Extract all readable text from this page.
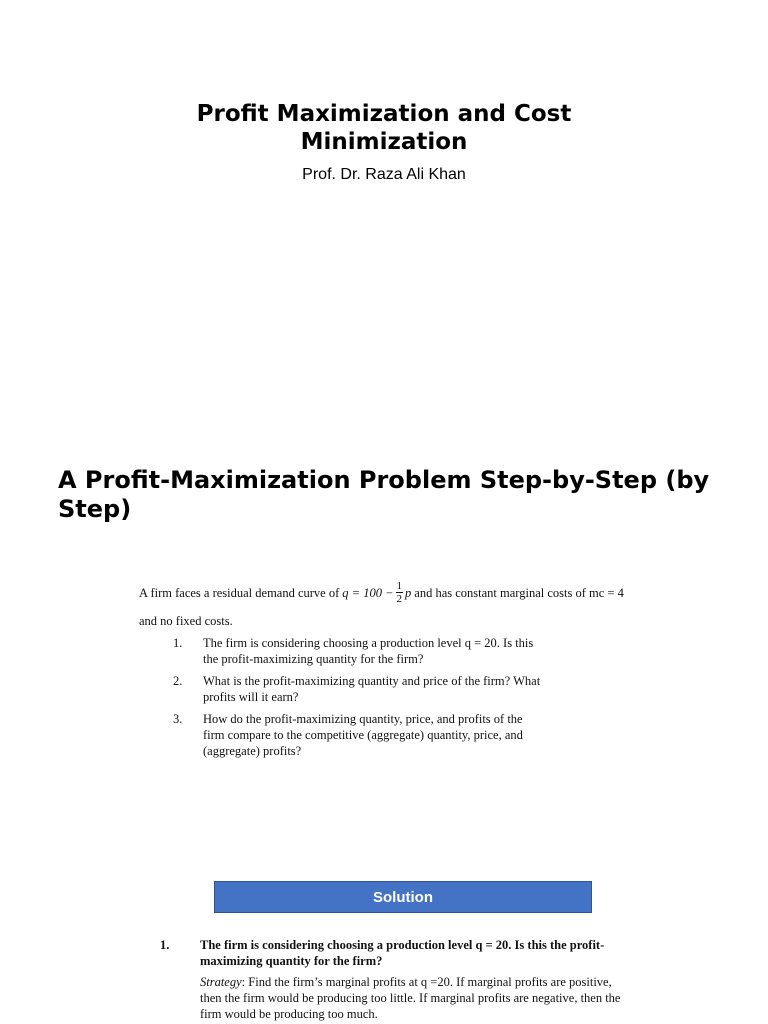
Profit Maximization and Cost Minimization
Prof. Dr. Raza Ali Khan
A Profit-Maximization Problem Step-by-Step (by Step)
A firm faces a residual demand curve of $q = 100 - \frac{1}{2}$ p and has constant marginal costs of mc = 4
and no fixed costs.
1.	The firm is considering choosing a production level q = 20. Is this the profit-maximizing quantity for the firm?
2.	What is the profit-maximizing quantity and price of the firm? What profits will it earn?
3.	How do the profit-maximizing quantity, price, and profits of the firm compare to the competitive (aggregate) quantity, price, and (aggregate) profits?
Solution
1.	The firm is considering choosing a production level q = 20. Is this the profit-maximizing quantity for the firm?
Strategy: Find the firm’s marginal profits at q =20. If marginal profits are positive, then the firm would be producing too little. If marginal profits are negative, then the firm would be producing too much.
